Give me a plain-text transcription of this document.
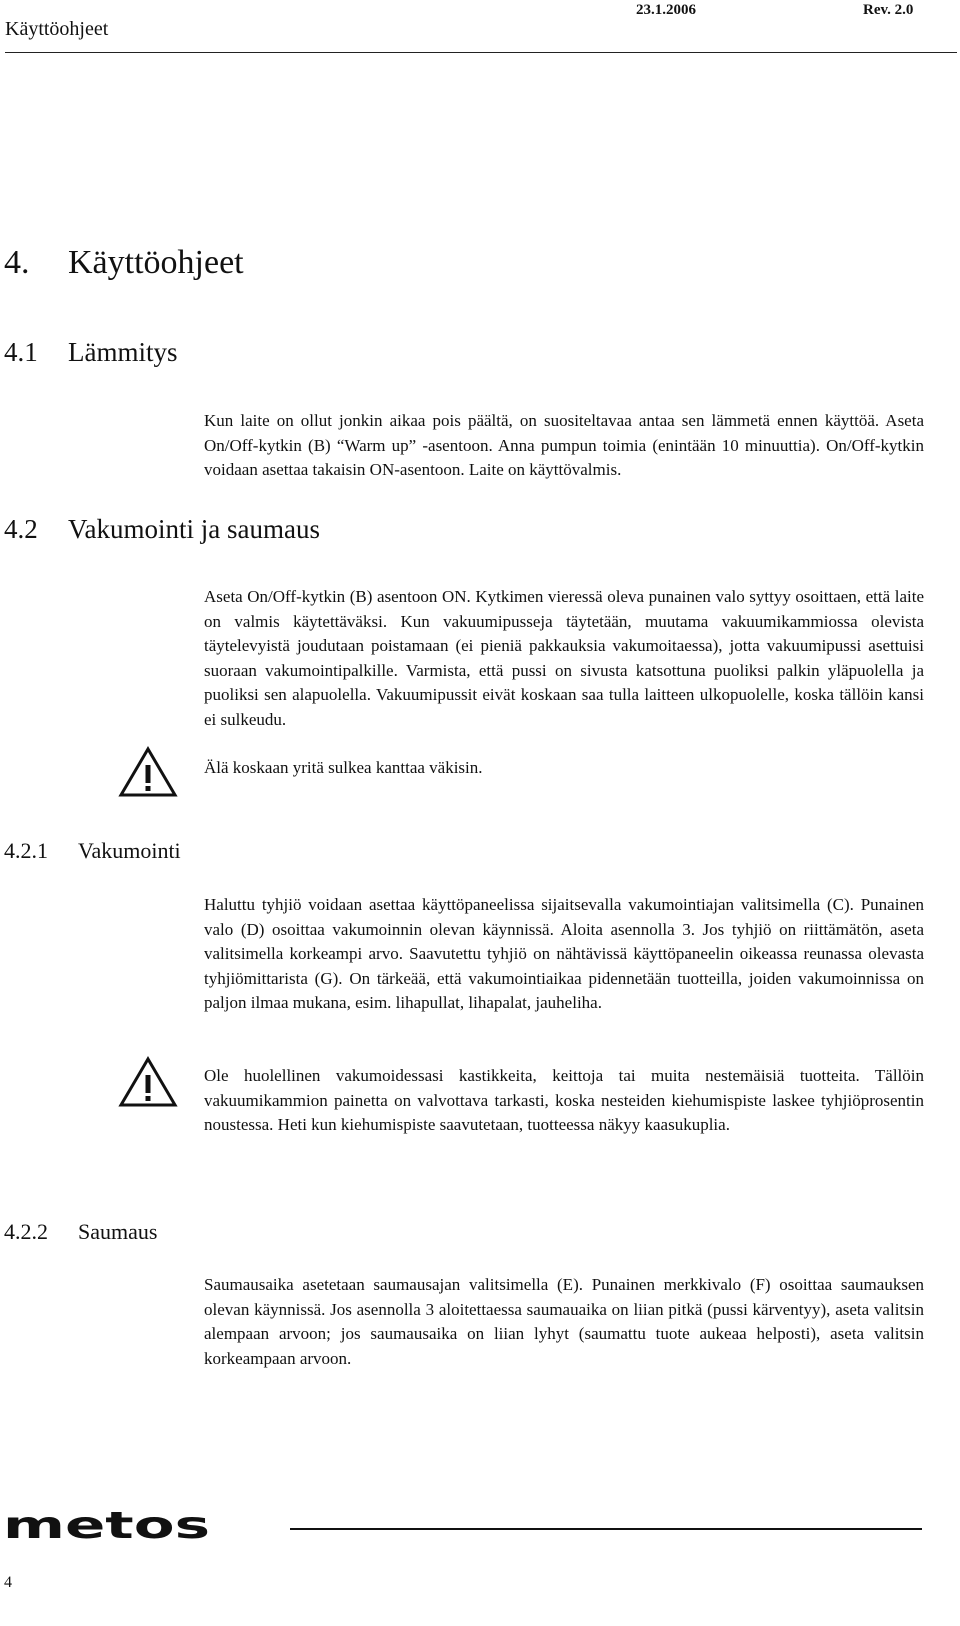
Käyttöohjeet
23.1.2006	Rev. 2.0
4. Käyttöohjeet
4.1 Lämmitys
Kun laite on ollut jonkin aikaa pois päältä, on suositeltavaa antaa sen lämmetä ennen käyttöä. Aseta On/Off-kytkin (B) “Warm up” -asentoon. Anna pumpun toimia (enintään 10 minuuttia). On/Off-kytkin voidaan asettaa takaisin ON-asentoon. Laite on käyttövalmis.
4.2 Vakumointi ja saumaus
Aseta On/Off-kytkin (B) asentoon ON. Kytkimen vieressä oleva punainen valo syttyy osoittaen, että laite on valmis käytettäväksi. Kun vakuumipusseja täytetään, muutama vakuumikammiossa olevista täytelevyistä joudutaan poistamaan (ei pieniä pakkauksia vakumoitaessa), jotta vakuumipussi asettuisi suoraan vakumointipalkille. Varmista, että pussi on sivusta katsottuna puoliksi palkin yläpuolella ja puoliksi sen alapuolella. Vakuumipussit eivät koskaan saa tulla laitteen ulkopuolelle, koska tällöin kansi ei sulkeudu.
Älä koskaan yritä sulkea kanttaa väkisin.
4.2.1 Vakumointi
Haluttu tyhjiö voidaan asettaa käyttöpaneelissa sijaitsevalla vakumointiajan valitsimella (C). Punainen valo (D) osoittaa vakumoinnin olevan käynnissä. Aloita asennolla 3. Jos tyhjiö on riittämätön, aseta valitsimella korkeampi arvo. Saavutettu tyhjiö on nähtävissä käyttöpaneelin oikeassa reunassa olevasta tyhjiömittarista (G). On tärkeää, että vakumointiaikaa pidennetään tuotteilla, joiden vakumoinnissa on paljon ilmaa mukana, esim. lihapullat, lihapalat, jauheliha.
Ole huolellinen vakumoidessasi kastikkeita, keittoja tai muita nestemäisiä tuotteita. Tällöin vakuumikammion painetta on valvottava tarkasti, koska nesteiden kiehumispiste laskee tyhjiöprosentin noustessa. Heti kun kiehumispiste saavutetaan, tuotteessa näkyy kaasukuplia.
4.2.2 Saumaus
Saumausaika asetetaan saumausajan valitsimella (E). Punainen merkkivalo (F) osoittaa saumauksen olevan käynnissä. Jos asennolla 3 aloitettaessa saumauaika on liian pitkä (pussi kärventyy), aseta valitsin alempaan arvoon; jos saumausaika on liian lyhyt (saumattu tuote aukeaa helposti), aseta valitsin korkeampaan arvoon.
metos
4
